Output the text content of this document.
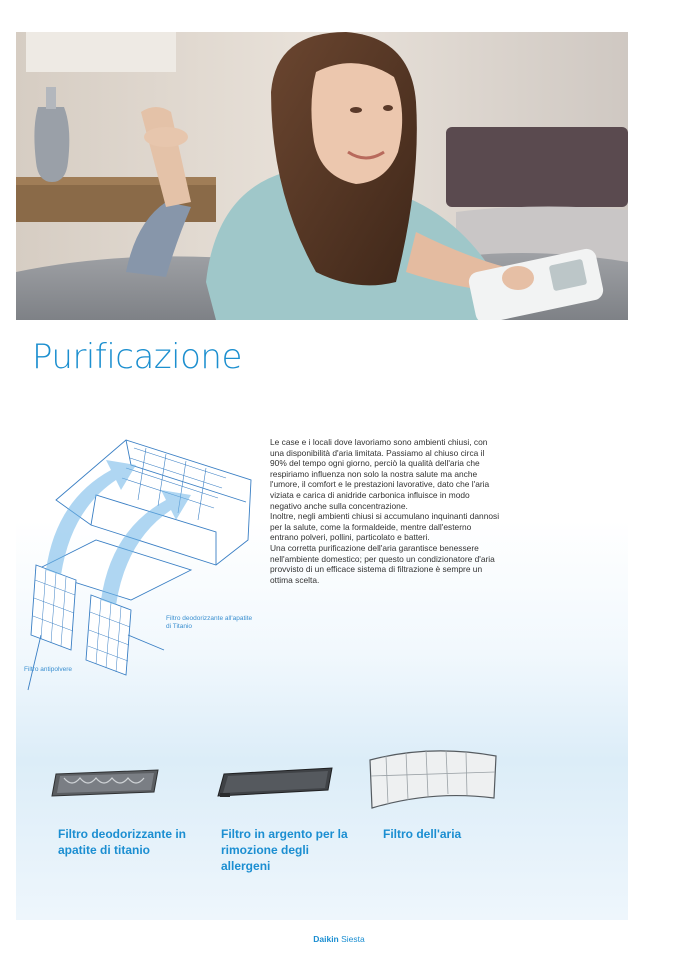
Purificazione
Filtro deodorizzante all'apatite di Titanio
Filtro antipolvere

Le case e i locali dove lavoriamo sono ambienti chiusi, con una disponibilità d'aria limitata. Passiamo al chiuso circa il 90% del tempo ogni giorno, perciò la qualità dell'aria che respiriamo influenza non solo la nostra salute ma anche l'umore, il comfort e le prestazioni lavorative, dato che l'aria viziata e carica di anidride carbonica influisce in modo negativo anche sulla concentrazione.

Inoltre, negli ambienti chiusi si accumulano inquinanti dannosi per la salute, come la formaldeide, mentre dall'esterno entrano polveri, pollini, particolato e batteri.

Una corretta purificazione dell'aria garantisce benessere nell'ambiente domestico; per questo un condizionatore d'aria provvisto di un efficace sistema di filtrazione è sempre un ottima scelta.

Filtro deodorizzante in apatite di titanio

Filtro in argento per la rimozione degli allergeni

Filtro dell'aria

Daikin Siesta
